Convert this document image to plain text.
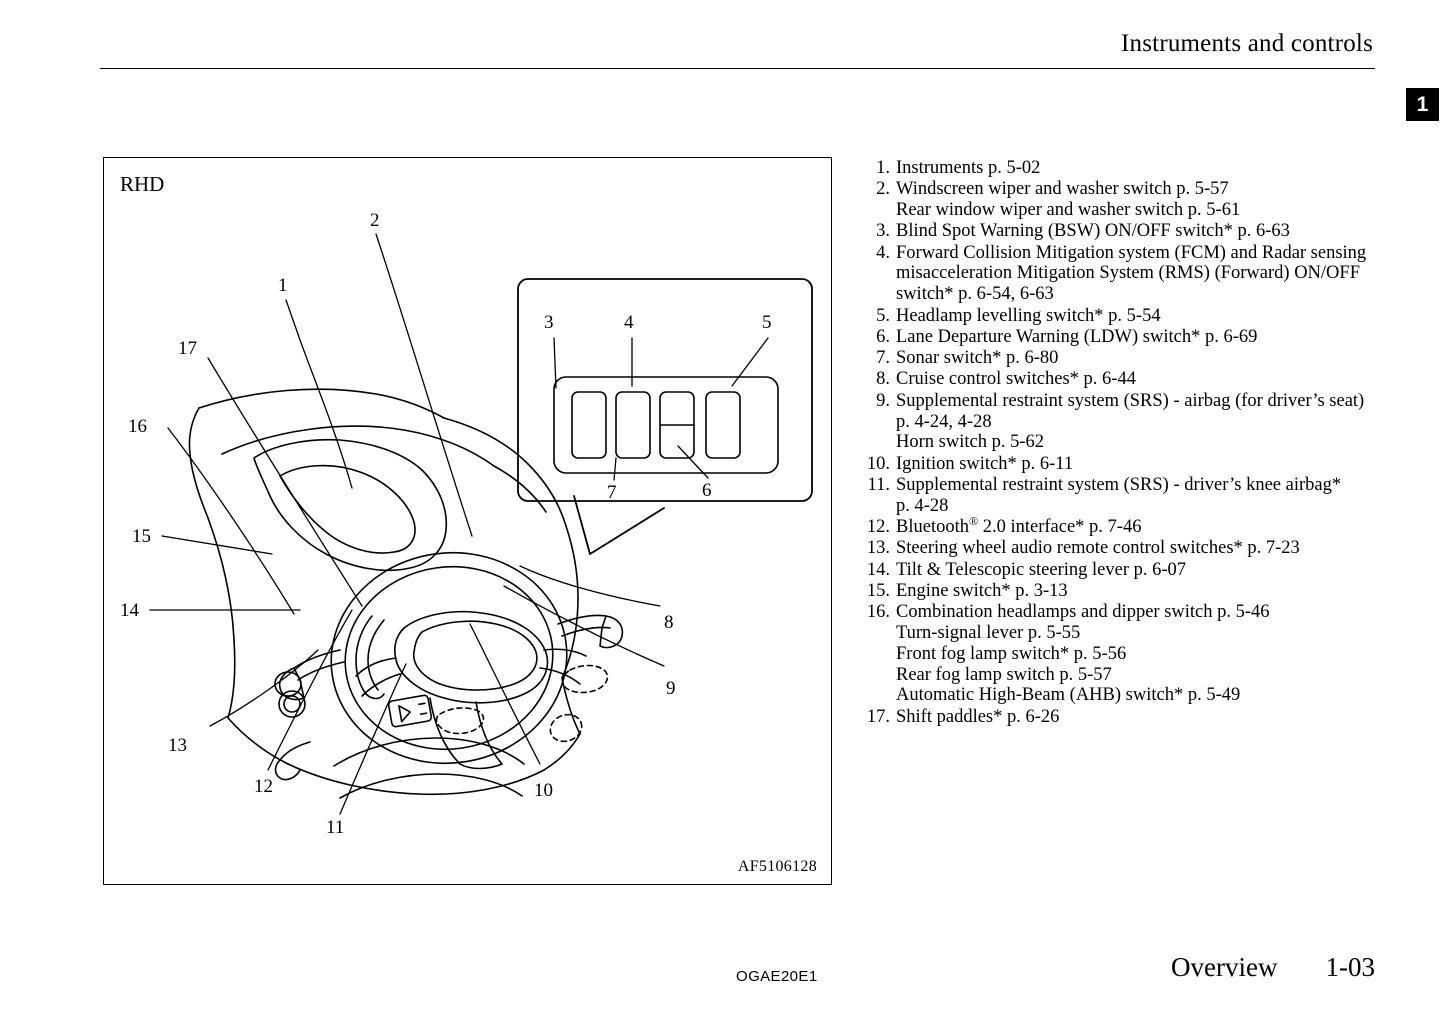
Instruments and controls
1
RHD
1
2
3	4	5
6
7
8
9
10
11
12
13
14
15
16
17
AF5106128
1. Instruments p. 5-02
2. Windscreen wiper and washer switch p. 5-57
Rear window wiper and washer switch p. 5-61
3. Blind Spot Warning (BSW) ON/OFF switch* p. 6-63
4. Forward Collision Mitigation system (FCM) and Radar sensing
misacceleration Mitigation System (RMS) (Forward) ON/OFF
switch* p. 6-54, 6-63
5. Headlamp levelling switch* p. 5-54
6. Lane Departure Warning (LDW) switch* p. 6-69
7. Sonar switch* p. 6-80
8. Cruise control switches* p. 6-44
9. Supplemental restraint system (SRS) - airbag (for driver’s seat)
p. 4-24, 4-28
Horn switch p. 5-62
10. Ignition switch* p. 6-11
11. Supplemental restraint system (SRS) - driver’s knee airbag*
p. 4-28
12. Bluetooth® 2.0 interface* p. 7-46
13. Steering wheel audio remote control switches* p. 7-23
14. Tilt & Telescopic steering lever p. 6-07
15. Engine switch* p. 3-13
16. Combination headlamps and dipper switch p. 5-46
Turn-signal lever p. 5-55
Front fog lamp switch* p. 5-56
Rear fog lamp switch p. 5-57
Automatic High-Beam (AHB) switch* p. 5-49
17. Shift paddles* p. 6-26
OGAE20E1	Overview 1-03
